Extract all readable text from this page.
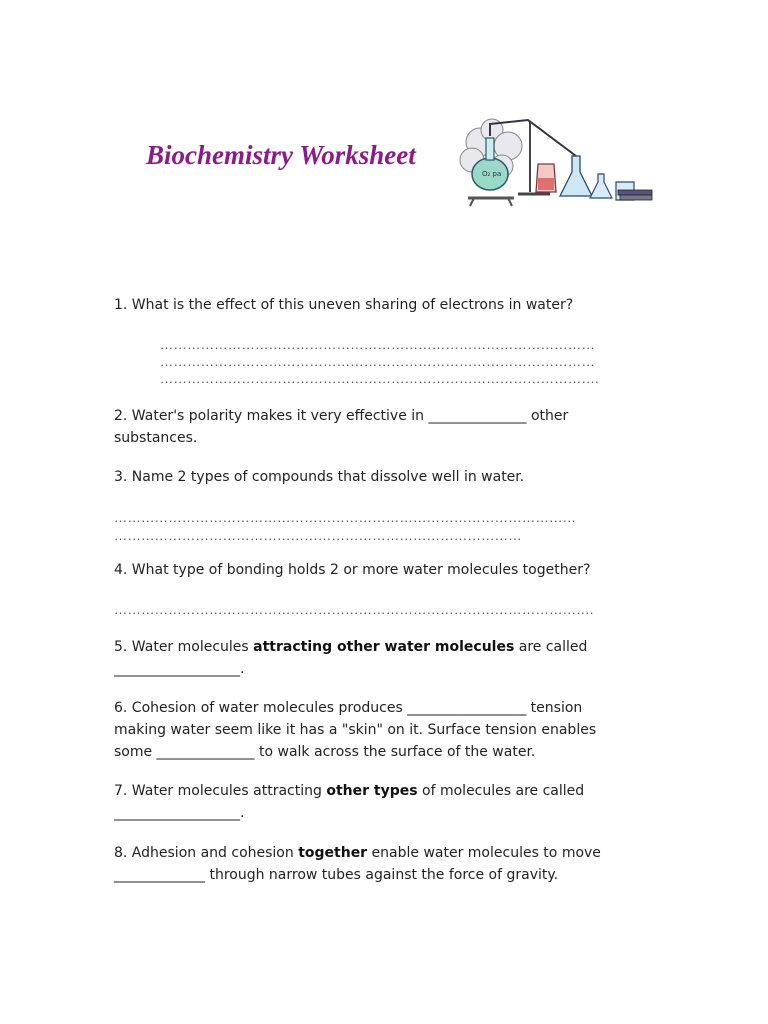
Biochemistry Worksheet
O₂ pa
1. What is the effect of this uneven sharing of electrons in water?
……………………………………………………………………………………
……………………………………………………………………………………
…………………………………………………………………………………….
2. Water's polarity makes it very effective in ______________ other substances.
3. Name 2 types of compounds that dissolve well in water.
…………………………………………………………………………………………
………………………………………………………………………………
4. What type of bonding holds 2 or more water molecules together?
…………………………………………………………………………………………….
5. Water molecules attracting other water molecules are called __________________.
6. Cohesion of water molecules produces _________________ tension making water seem like it has a "skin" on it. Surface tension enables some ______________ to walk across the surface of the water.
7. Water molecules attracting other types of molecules are called __________________.
8. Adhesion and cohesion together enable water molecules to move _____________ through narrow tubes against the force of gravity.
